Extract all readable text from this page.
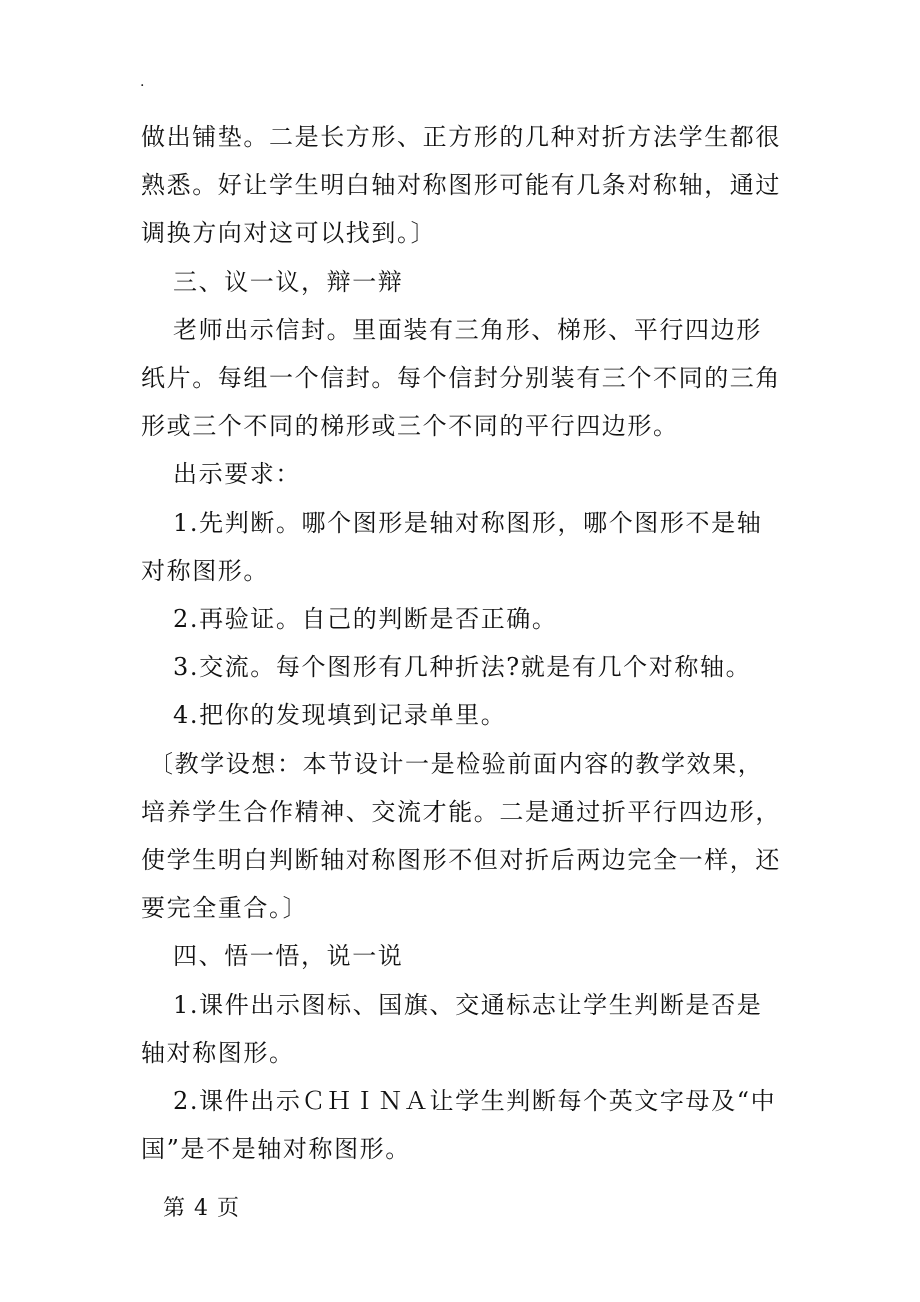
.

做出铺垫。二是长方形、正方形的几种对折方法学生都很熟悉。好让学生明白轴对称图形可能有几条对称轴，通过调换方向对这可以找到。〕

三、议一议，辩一辩

老师出示信封。里面装有三角形、梯形、平行四边形纸片。每组一个信封。每个信封分别装有三个不同的三角形或三个不同的梯形或三个不同的平行四边形。

出示要求：

1.先判断。哪个图形是轴对称图形，哪个图形不是轴对称图形。

2.再验证。自己的判断是否正确。

3.交流。每个图形有几种折法?就是有几个对称轴。

4.把你的发现填到记录单里。

〔教学设想：本节设计一是检验前面内容的教学效果，培养学生合作精神、交流才能。二是通过折平行四边形，使学生明白判断轴对称图形不但对折后两边完全一样，还要完全重合。〕

四、悟一悟，说一说

1.课件出示图标、国旗、交通标志让学生判断是否是轴对称图形。

2.课件出示ＣＨＩＮＡ让学生判断每个英文字母及“中国”是不是轴对称图形。

第 4 页
